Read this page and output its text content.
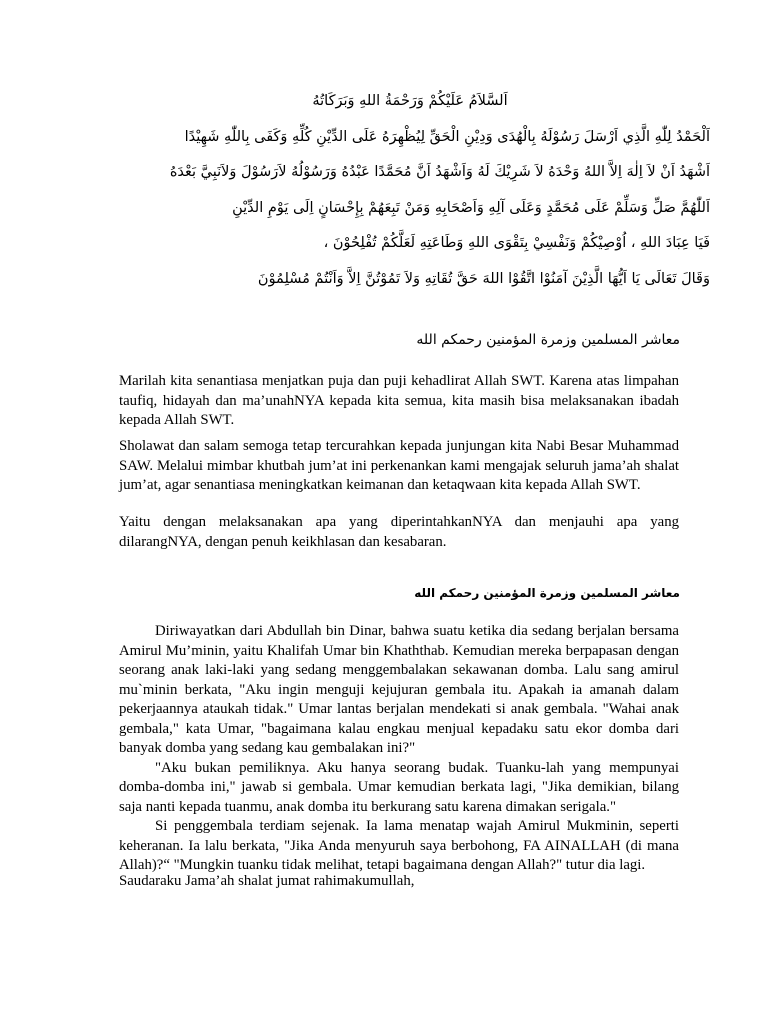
اَلسَّلاَمُ عَلَيْكُمْ وَرَحْمَةُ اللهِ وَبَرَكَاتُهُ
اَلْحَمْدُ لِلّٰهِ الَّذِي اَرْسَلَ رَسُوْلَهُ بِالْهُدَى وَدِيْنِ الْحَقِّ لِيُظْهِرَهُ عَلَى الدِّيْنِ كُلِّهِ وَكَفَى بِاللّٰهِ شَهِيْدًا
اَشْهَدُ اَنْ لاَ اِلٰهَ اِلاَّ اللهُ وَحْدَهُ لاَ شَرِيْكَ لَهُ وَاَشْهَدُ اَنَّ مُحَمَّدًا عَبْدُهُ وَرَسُوْلُهُ لاَرَسُوْلَ وَلاَنَبِيَّ بَعْدَهُ
اَللّٰهُمَّ صَلِّ وَسَلِّمْ عَلَى مُحَمَّدٍ وَعَلَى آلِهِ وَاَصْحَابِهِ وَمَنْ تَبِعَهُمْ بِإِحْسَانٍ اِلَى يَوْمِ الدِّيْنِ
فَيَا عِبَادَ اللهِ ، اُوْصِيْكُمْ وَنَفْسِيْ بِتَقْوَى اللهِ وَطَاعَتِهِ لَعَلَّكُمْ تُفْلِحُوْنَ ،
وَقَالَ تَعَالَى يَا اَيُّهَا الَّذِيْنَ آمَنُوْا اتَّقُوْا اللهَ حَقَّ تُقَاتِهِ وَلاَ تَمُوْتُنَّ اِلاَّ وَاَنْتُمْ مُسْلِمُوْنَ
معاشر المسلمين وزمرة المؤمنين رحمكم الله

Marilah kita senantiasa menjatkan puja dan puji kehadlirat Allah SWT. Karena atas limpahan taufiq, hidayah dan ma’unahNYA kepada kita semua, kita masih bisa melaksanakan ibadah kepada Allah SWT.

Sholawat dan salam semoga tetap tercurahkan kepada junjungan kita Nabi Besar Muhammad SAW. Melalui mimbar khutbah jum’at ini perkenankan kami mengajak seluruh jama’ah shalat jum’at, agar senantiasa meningkatkan keimanan dan ketaqwaan kita kepada Allah SWT.

Yaitu dengan melaksanakan apa yang diperintahkanNYA dan menjauhi apa yang dilarangNYA, dengan penuh keikhlasan dan kesabaran.

معاشر المسلمين وزمرة المؤمنين رحمكم الله

Diriwayatkan dari Abdullah bin Dinar, bahwa suatu ketika dia sedang berjalan bersama Amirul Mu’minin, yaitu Khalifah Umar bin Khaththab. Kemudian mereka berpapasan dengan seorang anak laki-laki yang sedang menggembalakan sekawanan domba. Lalu sang amirul mu`minin berkata, "Aku ingin menguji kejujuran gembala itu. Apakah ia amanah dalam pekerjaannya ataukah tidak." Umar lantas berjalan mendekati si anak gembala. "Wahai anak gembala," kata Umar, "bagaimana kalau engkau menjual kepadaku satu ekor domba dari banyak domba yang sedang kau gembalakan ini?"

"Aku bukan pemiliknya. Aku hanya seorang budak. Tuanku-lah yang mempunyai domba-domba ini," jawab si gembala. Umar kemudian berkata lagi, "Jika demikian, bilang saja nanti kepada tuanmu, anak domba itu berkurang satu karena dimakan serigala."

Si penggembala terdiam sejenak. Ia lama menatap wajah Amirul Mukminin, seperti keheranan. Ia lalu berkata, "Jika Anda menyuruh saya berbohong, FA AINALLAH (di mana Allah)?“ "Mungkin tuanku tidak melihat, tetapi bagaimana dengan Allah?" tutur dia lagi.

Saudaraku Jama’ah shalat jumat rahimakumullah,
